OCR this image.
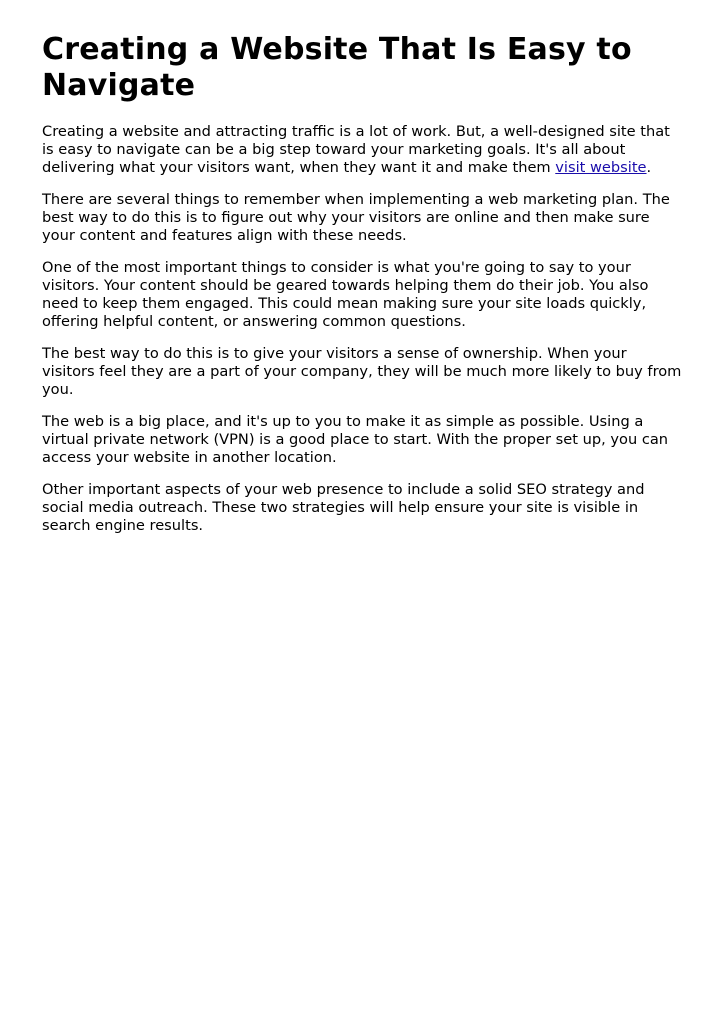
Creating a Website That Is Easy to Navigate

Creating a website and attracting traffic is a lot of work. But, a well-designed site that is easy to navigate can be a big step toward your marketing goals. It's all about delivering what your visitors want, when they want it and make them visit website.

There are several things to remember when implementing a web marketing plan. The best way to do this is to figure out why your visitors are online and then make sure your content and features align with these needs.

One of the most important things to consider is what you're going to say to your visitors. Your content should be geared towards helping them do their job. You also need to keep them engaged. This could mean making sure your site loads quickly, offering helpful content, or answering common questions.

The best way to do this is to give your visitors a sense of ownership. When your visitors feel they are a part of your company, they will be much more likely to buy from you.

The web is a big place, and it's up to you to make it as simple as possible. Using a virtual private network (VPN) is a good place to start. With the proper set up, you can access your website in another location.

Other important aspects of your web presence to include a solid SEO strategy and social media outreach. These two strategies will help ensure your site is visible in search engine results.
